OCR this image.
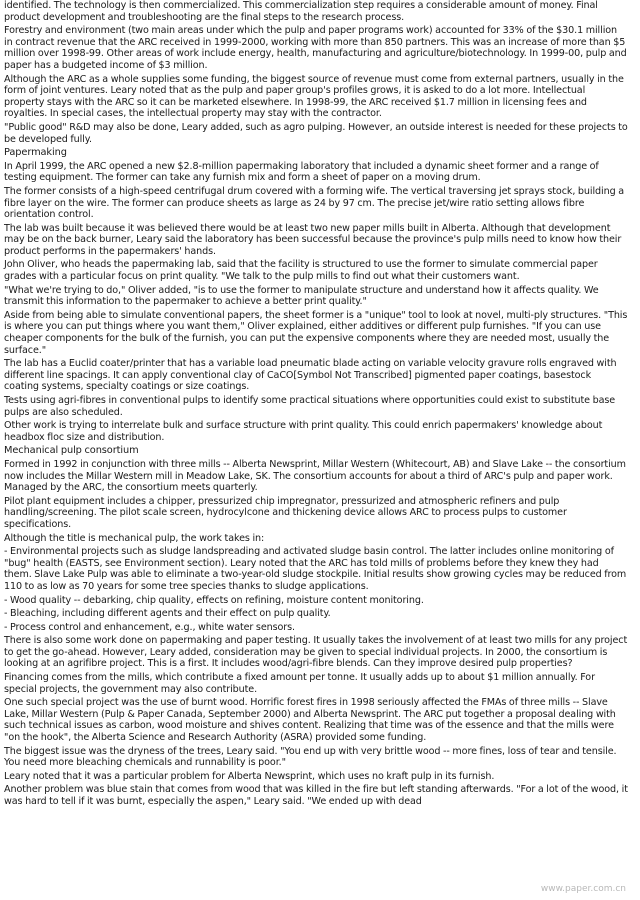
identified. The technology is then commercialized. This commercialization step requires a considerable amount of money. Final product development and troubleshooting are the final steps to the research process.

Forestry and environment (two main areas under which the pulp and paper programs work) accounted for 33% of the $30.1 million in contract revenue that the ARC received in 1999-2000, working with more than 850 partners. This was an increase of more than $5 million over 1998-99. Other areas of work include energy, health, manufacturing and agriculture/biotechnology. In 1999-00, pulp and paper has a budgeted income of $3 million.

Although the ARC as a whole supplies some funding, the biggest source of revenue must come from external partners, usually in the form of joint ventures. Leary noted that as the pulp and paper group's profiles grows, it is asked to do a lot more. Intellectual property stays with the ARC so it can be marketed elsewhere. In 1998-99, the ARC received $1.7 million in licensing fees and royalties. In special cases, the intellectual property may stay with the contractor.

"Public good" R&D may also be done, Leary added, such as agro pulping. However, an outside interest is needed for these projects to be developed fully.

Papermaking

In April 1999, the ARC opened a new $2.8-million papermaking laboratory that included a dynamic sheet former and a range of testing equipment. The former can take any furnish mix and form a sheet of paper on a moving drum.

The former consists of a high-speed centrifugal drum covered with a forming wife. The vertical traversing jet sprays stock, building a fibre layer on the wire. The former can produce sheets as large as 24 by 97 cm. The precise jet/wire ratio setting allows fibre orientation control.

The lab was built because it was believed there would be at least two new paper mills built in Alberta. Although that development may be on the back burner, Leary said the laboratory has been successful because the province's pulp mills need to know how their product performs in the papermakers' hands.

John Oliver, who heads the papermaking lab, said that the facility is structured to use the former to simulate commercial paper grades with a particular focus on print quality. "We talk to the pulp mills to find out what their customers want.

"What we're trying to do," Oliver added, "is to use the former to manipulate structure and understand how it affects quality. We transmit this information to the papermaker to achieve a better print quality."

Aside from being able to simulate conventional papers, the sheet former is a "unique" tool to look at novel, multi-ply structures. "This is where you can put things where you want them," Oliver explained, either additives or different pulp furnishes. "If you can use cheaper components for the bulk of the furnish, you can put the expensive components where they are needed most, usually the surface."

The lab has a Euclid coater/printer that has a variable load pneumatic blade acting on variable velocity gravure rolls engraved with different line spacings. It can apply conventional clay of CaCO[Symbol Not Transcribed] pigmented paper coatings, basestock coating systems, specialty coatings or size coatings.

Tests using agri-fibres in conventional pulps to identify some practical situations where opportunities could exist to substitute base pulps are also scheduled.

Other work is trying to interrelate bulk and surface structure with print quality. This could enrich papermakers' knowledge about headbox floc size and distribution.

Mechanical pulp consortium

Formed in 1992 in conjunction with three mills -- Alberta Newsprint, Millar Western (Whitecourt, AB) and Slave Lake -- the consortium now includes the Millar Western mill in Meadow Lake, SK. The consortium accounts for about a third of ARC's pulp and paper work. Managed by the ARC, the consortium meets quarterly.

Pilot plant equipment includes a chipper, pressurized chip impregnator, pressurized and atmospheric refiners and pulp handling/screening. The pilot scale screen, hydrocylcone and thickening device allows ARC to process pulps to customer specifications.

Although the title is mechanical pulp, the work takes in:

- Environmental projects such as sludge landspreading and activated sludge basin control. The latter includes online monitoring of "bug" health (EASTS, see Environment section). Leary noted that the ARC has told mills of problems before they knew they had them. Slave Lake Pulp was able to eliminate a two-year-old sludge stockpile. Initial results show growing cycles may be reduced from 110 to as low as 70 years for some tree species thanks to sludge applications.

- Wood quality -- debarking, chip quality, effects on refining, moisture content monitoring.

- Bleaching, including different agents and their effect on pulp quality.

- Process control and enhancement, e.g., white water sensors.

There is also some work done on papermaking and paper testing. It usually takes the involvement of at least two mills for any project to get the go-ahead. However, Leary added, consideration may be given to special individual projects. In 2000, the consortium is looking at an agrifibre project. This is a first. It includes wood/agri-fibre blends. Can they improve desired pulp properties?

Financing comes from the mills, which contribute a fixed amount per tonne. It usually adds up to about $1 million annually. For special projects, the government may also contribute.

One such special project was the use of burnt wood. Horrific forest fires in 1998 seriously affected the FMAs of three mills -- Slave Lake, Millar Western (Pulp & Paper Canada, September 2000) and Alberta Newsprint. The ARC put together a proposal dealing with such technical issues as carbon, wood moisture and shives content. Realizing that time was of the essence and that the mills were "on the hook", the Alberta Science and Research Authority (ASRA) provided some funding.

The biggest issue was the dryness of the trees, Leary said. "You end up with very brittle wood -- more fines, loss of tear and tensile. You need more bleaching chemicals and runnability is poor."

Leary noted that it was a particular problem for Alberta Newsprint, which uses no kraft pulp in its furnish.

Another problem was blue stain that comes from wood that was killed in the fire but left standing afterwards. "For a lot of the wood, it was hard to tell if it was burnt, especially the aspen," Leary said. "We ended up with dead

www.paper.com.cn
